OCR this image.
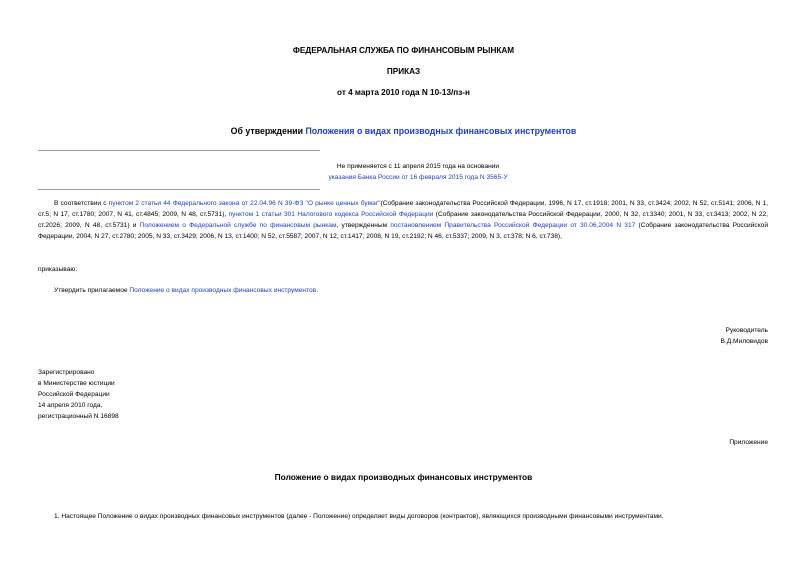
ФЕДЕРАЛЬНАЯ СЛУЖБА ПО ФИНАНСОВЫМ РЫНКАМ
ПРИКАЗ
от 4 марта 2010 года N 10-13/пз-н
Об утверждении Положения о видах производных финансовых инструментов
Не применяется с 11 апреля 2015 года на основании
указания Банка России от 16 февраля 2015 года N 3565-У
В соответствии с пунктом 2 статьи 44 Федерального закона от 22.04.96 N 39-ФЗ "О рынке ценных бумаг"(Собрание законодательства Российской Федерации, 1996, N 17, ст.1918; 2001, N 33, ст.3424; 2002, N 52, ст.5141; 2006, N 1, ст.5; N 17, ст.1780; 2007, N 41, ст.4845; 2009, N 48, ст.5731), пунктом 1 статьи 301 Налогового кодекса Российской Федерации (Собрание законодательства Российской Федерации, 2000, N 32, ст.3340; 2001, N 33, ст.3413; 2002, N 22, ст.2026; 2009, N 48, ст.5731) и Положением о Федеральной службе по финансовым рынкам, утвержденным постановлением Правительства Российской Федерации от 30.06.2004 N 317 (Собрание законодательства Российской Федерации, 2004, N 27, ст.2780; 2005, N 33, ст.3429; 2006, N 13, ст.1400; N 52, ст.5587; 2007, N 12, ст.1417; 2008, N 19, ст.2192; N 46, ст.5337; 2009, N 3, ст.378; N 6, ст.738),
приказываю:
Утвердить прилагаемое Положение о видах производных финансовых инструментов.
Руководитель
В.Д.Миловидов
Зарегистрировано
в Министерстве юстиции
Российской Федерации
14 апреля 2010 года,
регистрационный N 16898
Приложение
Положение о видах производных финансовых инструментов
1. Настоящее Положение о видах производных финансовых инструментов (далее - Положение) определяет виды договоров (контрактов), являющихся производными финансовыми инструментами.
